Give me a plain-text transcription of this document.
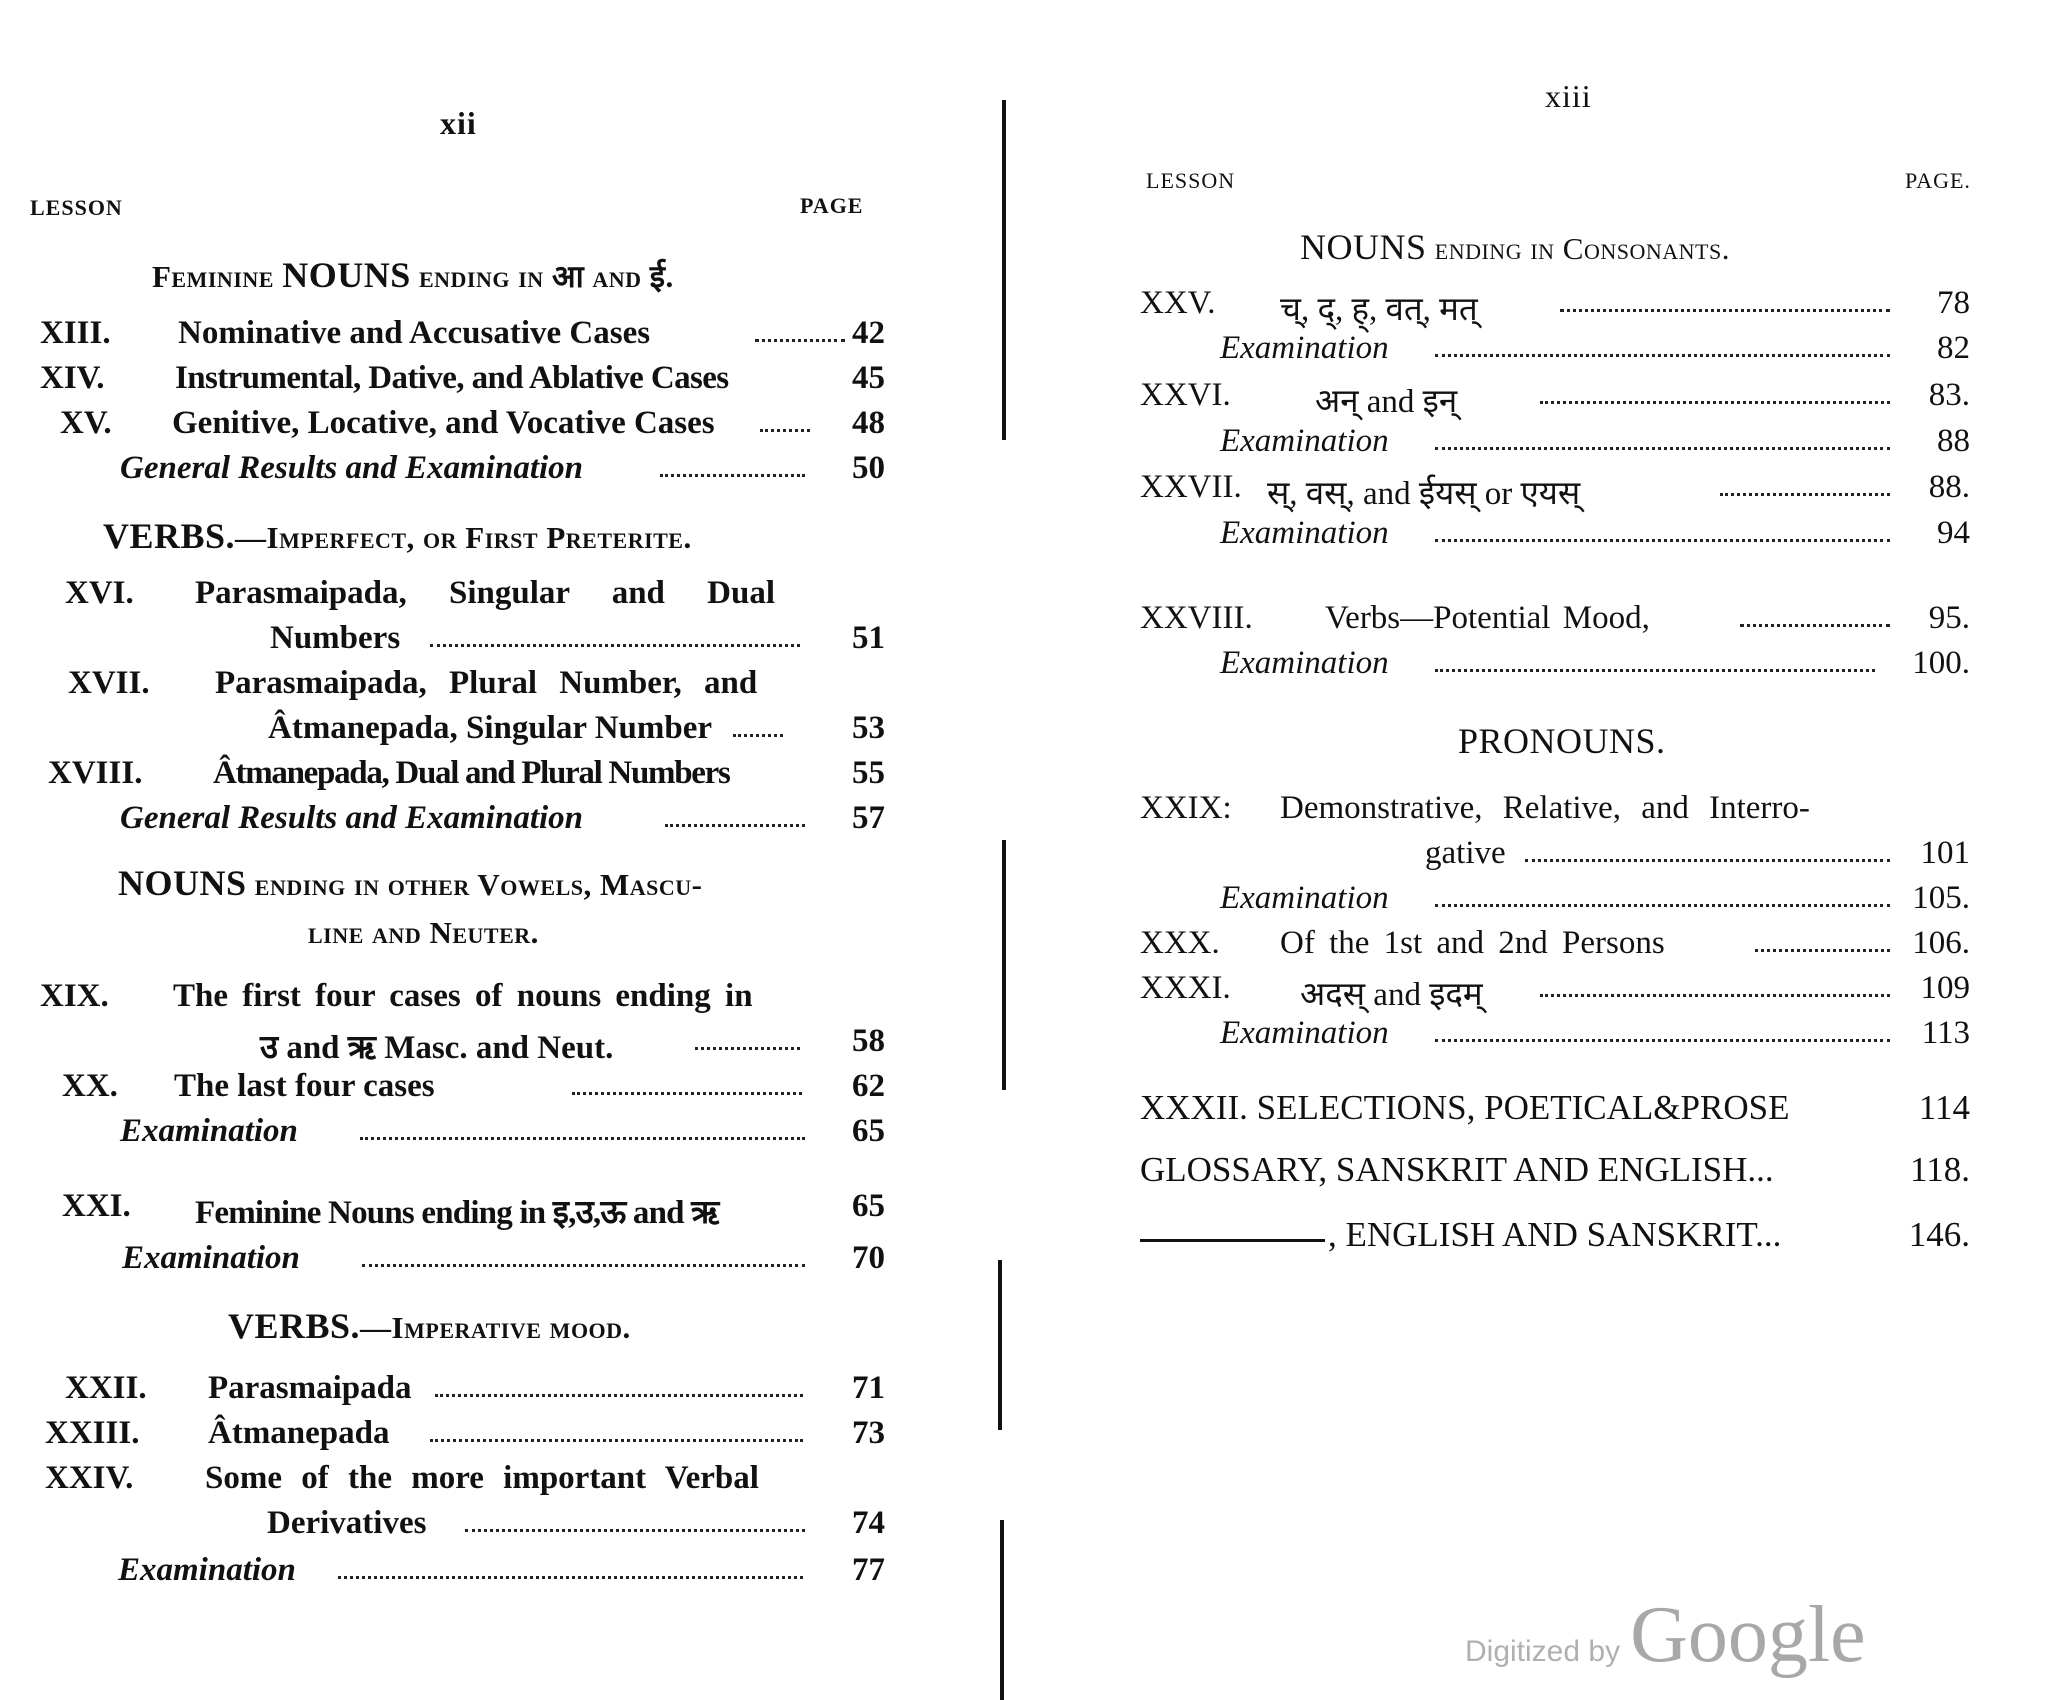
xii
LESSON	PAGE
Feminine NOUNS ending in आ and ई.
XIII. Nominative and Accusative Cases	42
XIV. Instrumental, Dative, and Ablative Cases	45
XV. Genitive, Locative, and Vocative Cases	48
General Results and Examination	50
VERBS.—Imperfect, or First Preterite.
XVI. Parasmaipada, Singular and Dual
Numbers	51
XVII. Parasmaipada, Plural Number, and
Âtmanepada, Singular Number	53
XVIII. Âtmanepada, Dual and Plural Numbers	55
General Results and Examination	57
NOUNS ending in other Vowels, Mascu-
line and Neuter.
XIX. The first four cases of nouns ending in
उ and ऋ Masc. and Neut.	58
XX. The last four cases	62
Examination	65
XXI. Feminine Nouns ending in इ,उ,ऊ and ऋ	65
Examination	70
VERBS.—Imperative mood.
XXII. Parasmaipada	71
XXIII. Âtmanepada	73
XXIV. Some of the more important Verbal
Derivatives	74
Examination	77
xiii
LESSON	PAGE.
NOUNS ending in Consonants.
XXV. च्, द्, ह्, वत्, मत्	78
Examination	82
XXVI.	अन् and इन्	83.
Examination	88
XXVII. स्, वस्, and ईयस् or एयस्	88.
Examination	94
XXVIII. Verbs—Potential Mood,	95.
Examination	100.
PRONOUNS.
XXIX: Demonstrative, Relative, and Interro-
gative	101
Examination	105.
XXX. Of the 1st and 2nd Persons	106.
XXXI. अदस् and इदम्	109
Examination	113
XXXII. SELECTIONS, POETICAL&PROSE	114
GLOSSARY, SANSKRIT AND ENGLISH...	118.
, ENGLISH AND SANSKRIT...	146.
Digitized by Google
